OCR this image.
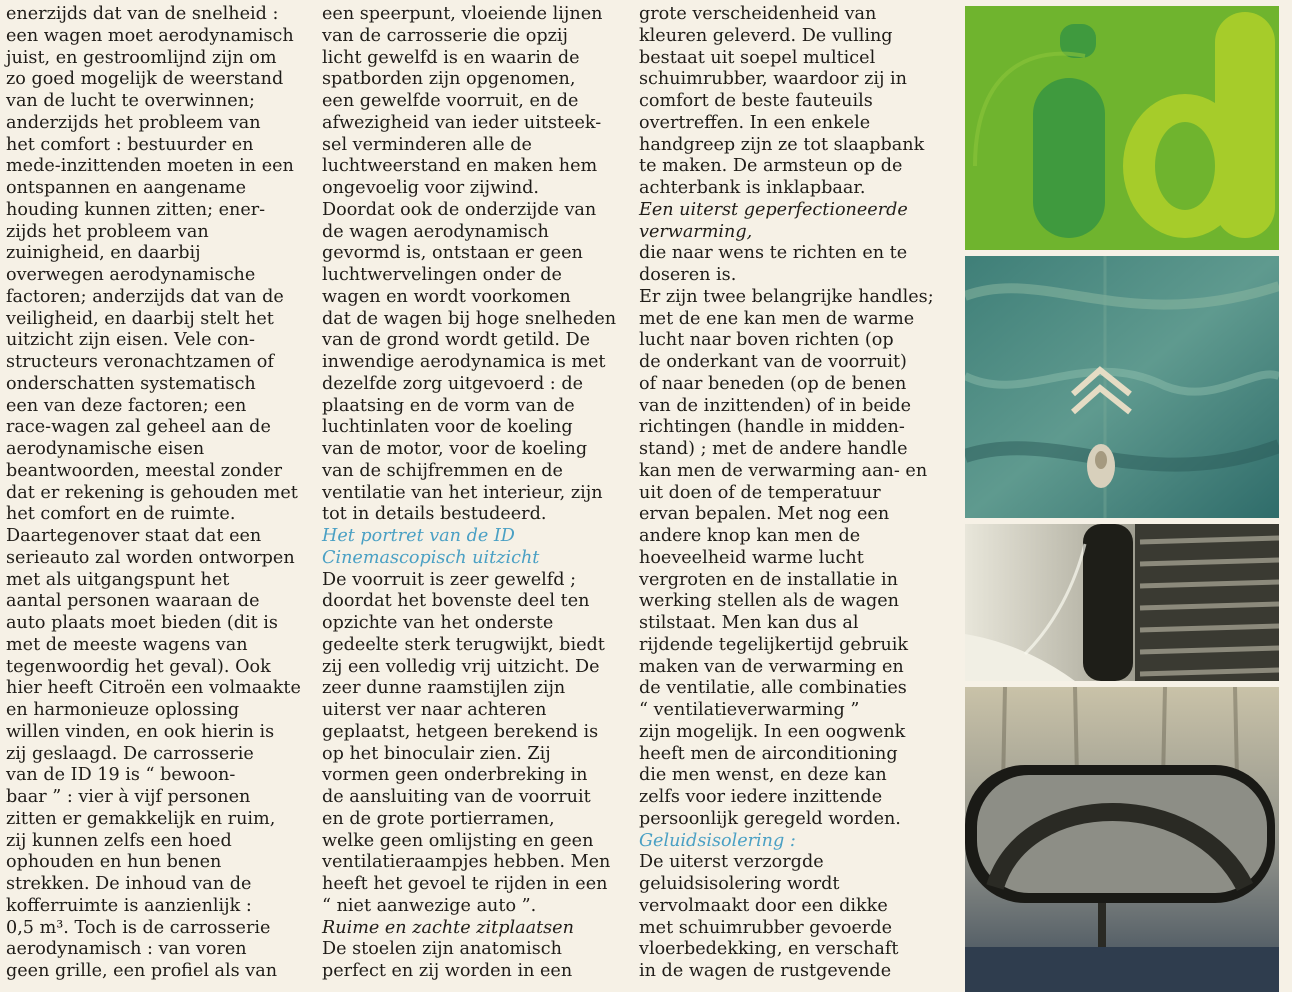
enerzijds dat van de snelheid :
een wagen moet aerodynamisch
juist, en gestroomlijnd zijn om
zo goed mogelijk de weerstand
van de lucht te overwinnen;
anderzijds het probleem van
het comfort : bestuurder en
mede-inzittenden moeten in een
ontspannen en aangename
houding kunnen zitten; ener-
zijds het probleem van
zuinigheid, en daarbij
overwegen aerodynamische
factoren; anderzijds dat van de
veiligheid, en daarbij stelt het
uitzicht zijn eisen. Vele con-
structeurs veronachtzamen of
onderschatten systematisch
een van deze factoren; een
race-wagen zal geheel aan de
aerodynamische eisen
beantwoorden, meestal zonder
dat er rekening is gehouden met
het comfort en de ruimte.
Daartegenover staat dat een
serieauto zal worden ontworpen
met als uitgangspunt het
aantal personen waaraan de
auto plaats moet bieden (dit is
met de meeste wagens van
tegenwoordig het geval). Ook
hier heeft Citroën een volmaakte
en harmonieuze oplossing
willen vinden, en ook hierin is
zij geslaagd. De carrosserie
van de ID 19 is “ bewoon-
baar ” : vier à vijf personen
zitten er gemakkelijk en ruim,
zij kunnen zelfs een hoed
ophouden en hun benen
strekken. De inhoud van de
kofferruimte is aanzienlijk :
0,5 m³. Toch is de carrosserie
aerodynamisch : van voren
geen grille, een profiel als van
een speerpunt, vloeiende lijnen
van de carrosserie die opzij
licht gewelfd is en waarin de
spatborden zijn opgenomen,
een gewelfde voorruit, en de
afwezigheid van ieder uitsteek-
sel verminderen alle de
luchtweerstand en maken hem
ongevoelig voor zijwind.
Doordat ook de onderzijde van
de wagen aerodynamisch
gevormd is, ontstaan er geen
luchtwervelingen onder de
wagen en wordt voorkomen
dat de wagen bij hoge snelheden
van de grond wordt getild. De
inwendige aerodynamica is met
dezelfde zorg uitgevoerd : de
plaatsing en de vorm van de
luchtinlaten voor de koeling
van de motor, voor de koeling
van de schijfremmen en de
ventilatie van het interieur, zijn
tot in details bestudeerd.
Het portret van de ID
Cinemascopisch uitzicht
De voorruit is zeer gewelfd ;
doordat het bovenste deel ten
opzichte van het onderste
gedeelte sterk terugwijkt, biedt
zij een volledig vrij uitzicht. De
zeer dunne raamstijlen zijn
uiterst ver naar achteren
geplaatst, hetgeen berekend is
op het binoculair zien. Zij
vormen geen onderbreking in
de aansluiting van de voorruit
en de grote portierramen,
welke geen omlijsting en geen
ventilatieraampjes hebben. Men
heeft het gevoel te rijden in een
“ niet aanwezige auto ”.
Ruime en zachte zitplaatsen
De stoelen zijn anatomisch
perfect en zij worden in een
grote verscheidenheid van
kleuren geleverd. De vulling
bestaat uit soepel multicel
schuimrubber, waardoor zij in
comfort de beste fauteuils
overtreffen. In een enkele
handgreep zijn ze tot slaapbank
te maken. De armsteun op de
achterbank is inklapbaar.
Een uiterst geperfectioneerde
verwarming,
die naar wens te richten en te
doseren is.
Er zijn twee belangrijke handles;
met de ene kan men de warme
lucht naar boven richten (op
de onderkant van de voorruit)
of naar beneden (op de benen
van de inzittenden) of in beide
richtingen (handle in midden-
stand) ; met de andere handle
kan men de verwarming aan- en
uit doen of de temperatuur
ervan bepalen. Met nog een
andere knop kan men de
hoeveelheid warme lucht
vergroten en de installatie in
werking stellen als de wagen
stilstaat. Men kan dus al
rijdende tegelijkertijd gebruik
maken van de verwarming en
de ventilatie, alle combinaties
“ ventilatieverwarming ”
zijn mogelijk. In een oogwenk
heeft men de airconditioning
die men wenst, en deze kan
zelfs voor iedere inzittende
persoonlijk geregeld worden.
Geluidsisolering :
De uiterst verzorgde
geluidsisolering wordt
vervolmaakt door een dikke
met schuimrubber gevoerde
vloerbedekking, en verschaft
in de wagen de rustgevende
